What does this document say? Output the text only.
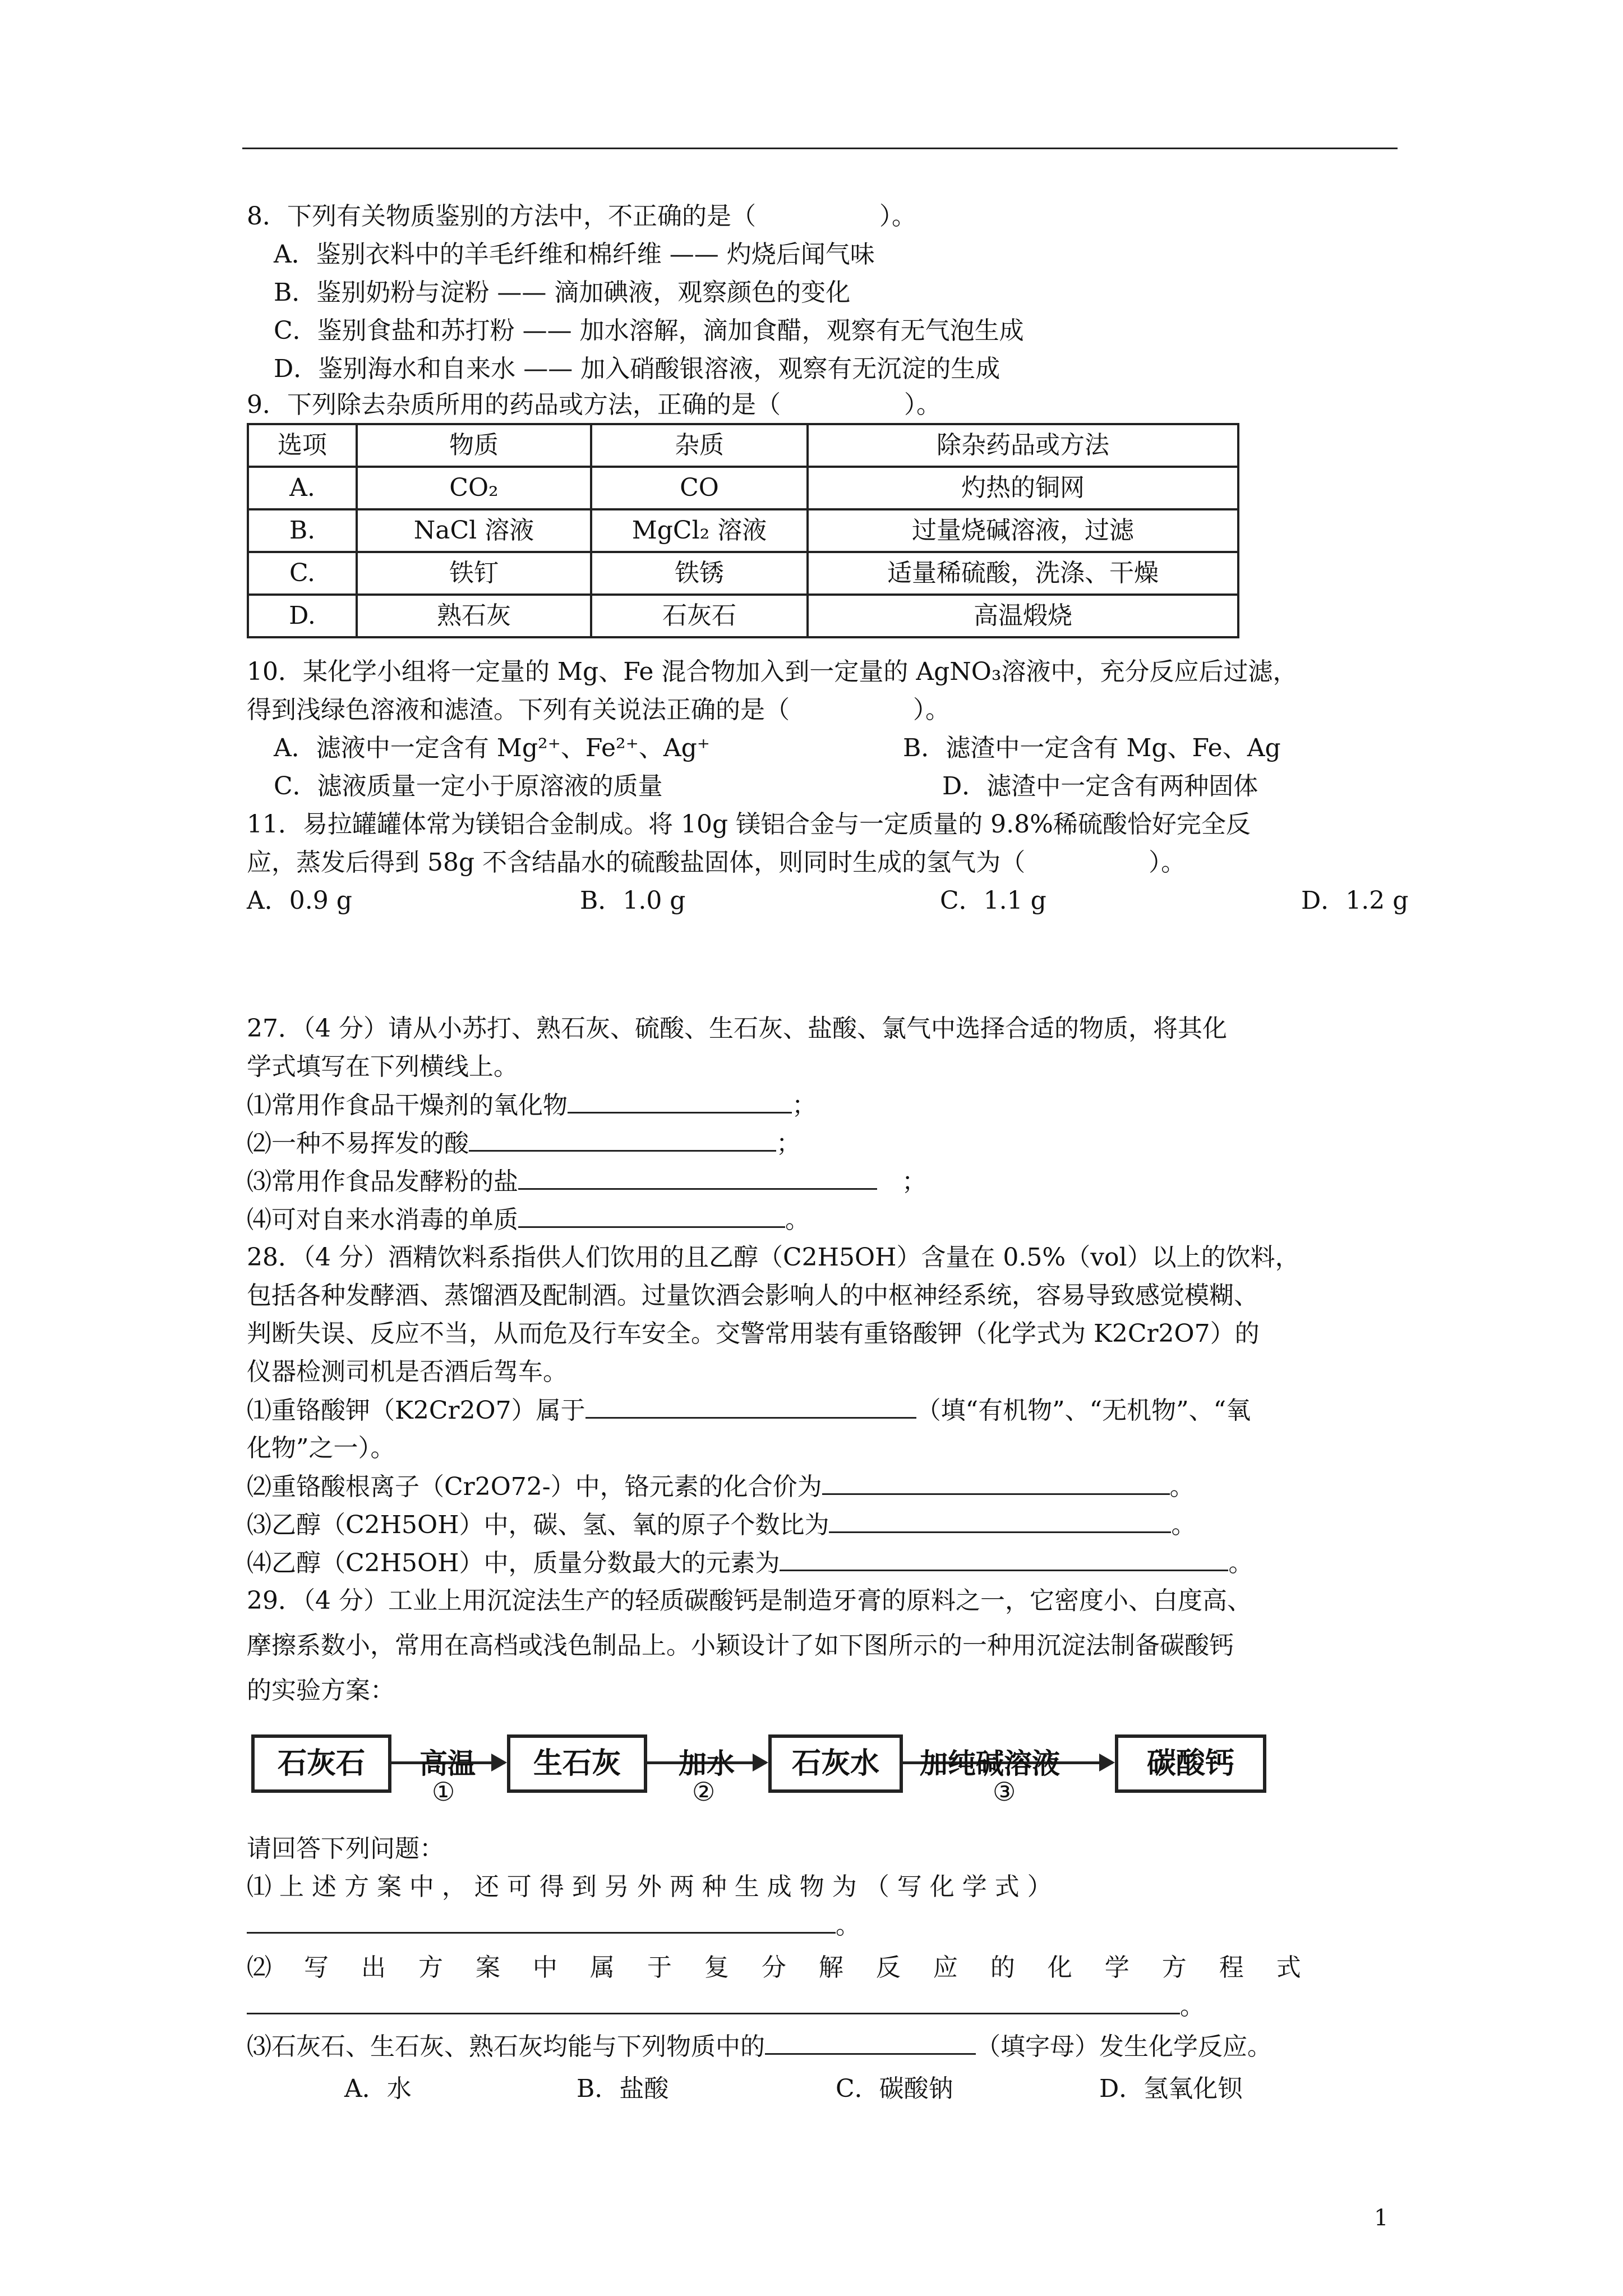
8．下列有关物质鉴别的方法中，不正确的是（　　　　　）。
A．鉴别衣料中的羊毛纤维和棉纤维 —— 灼烧后闻气味
B．鉴别奶粉与淀粉 —— 滴加碘液，观察颜色的变化
C．鉴别食盐和苏打粉 —— 加水溶解，滴加食醋，观察有无气泡生成
D．鉴别海水和自来水 —— 加入硝酸银溶液，观察有无沉淀的生成
9．下列除去杂质所用的药品或方法，正确的是（　　　　　）。
选项	物质	杂质	除杂药品或方法
A.	CO₂	CO	灼热的铜网
B.	NaCl 溶液	MgCl₂ 溶液	过量烧碱溶液，过滤
C.	铁钉	铁锈	适量稀硫酸，洗涤、干燥
D.	熟石灰	石灰石	高温煅烧
10．某化学小组将一定量的 Mg、Fe 混合物加入到一定量的 AgNO₃溶液中，充分反应后过滤，
得到浅绿色溶液和滤渣。下列有关说法正确的是（　　　　　）。
A．滤液中一定含有 Mg²⁺、Fe²⁺、Ag⁺	B．滤渣中一定含有 Mg、Fe、Ag
C．滤液质量一定小于原溶液的质量	D．滤渣中一定含有两种固体
11．易拉罐罐体常为镁铝合金制成。将 10g 镁铝合金与一定质量的 9.8%稀硫酸恰好完全反
应，蒸发后得到 58g 不含结晶水的硫酸盐固体，则同时生成的氢气为（　　　　　）。
A．0.9 g	B．1.0 g	C．1.1 g	D．1.2 g
27．（4 分）请从小苏打、熟石灰、硫酸、生石灰、盐酸、氯气中选择合适的物质，将其化
学式填写在下列横线上。
⑴常用作食品干燥剂的氧化物	；
⑵一种不易挥发的酸	；
⑶常用作食品发酵粉的盐	　；
⑷可对自来水消毒的单质	。
28．（4 分）酒精饮料系指供人们饮用的且乙醇（C2H5OH）含量在 0.5%（vol）以上的饮料，
包括各种发酵酒、蒸馏酒及配制酒。过量饮酒会影响人的中枢神经系统，容易导致感觉模糊、
判断失误、反应不当，从而危及行车安全。交警常用装有重铬酸钾（化学式为 K2Cr2O7）的
仪器检测司机是否酒后驾车。
⑴重铬酸钾（K2Cr2O7）属于	（填“有机物”、“无机物”、“氧
化物”之一）。
⑵重铬酸根离子（Cr2O72-）中，铬元素的化合价为	。
⑶乙醇（C2H5OH）中，碳、氢、氧的原子个数比为	。
⑷乙醇（C2H5OH）中，质量分数最大的元素为	。
29．（4 分）工业上用沉淀法生产的轻质碳酸钙是制造牙膏的原料之一，它密度小、白度高、
摩擦系数小，常用在高档或浅色制品上。小颖设计了如下图所示的一种用沉淀法制备碳酸钙
的实验方案：
石灰石	高温
①
生石灰	加水
②
石灰水	加纯碱溶液
③
碳酸钙
请回答下列问题：
⑴ 上 述 方 案 中 ， 还 可 得 到 另 外 两 种 生 成 物 为 （ 写 化 学 式 ）
。
⑵ 　写 　出 　方 　案 　中 　属 　于 　复 　分 　解 　反 　应 　的 　化 　学 　方 　程 　式
。
⑶石灰石、生石灰、熟石灰均能与下列物质中的	（填字母）发生化学反应。
A．水	B．盐酸	C．碳酸钠	D．氢氧化钡
1
